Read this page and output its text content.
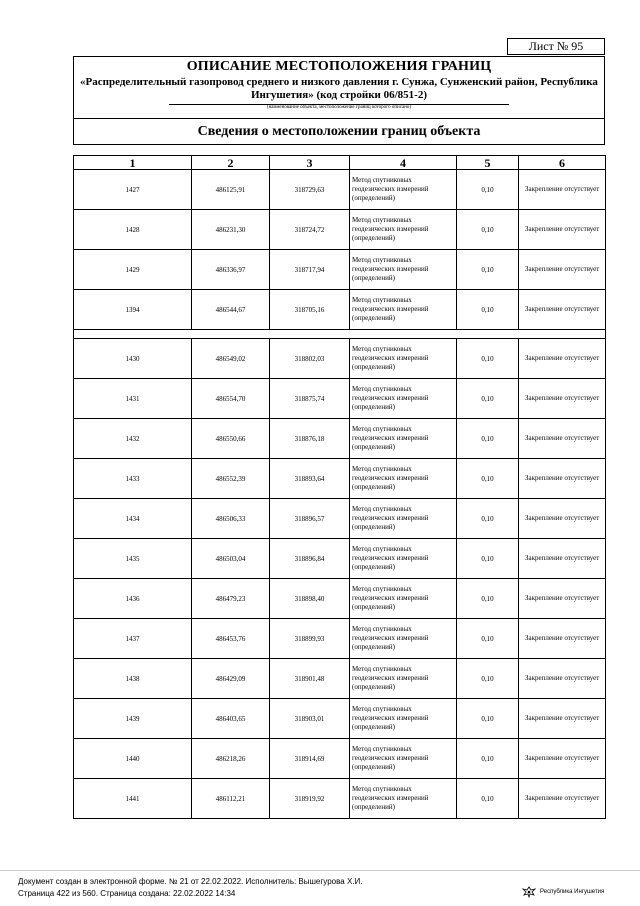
Лист № 95
ОПИСАНИЕ МЕСТОПОЛОЖЕНИЯ ГРАНИЦ
«Распределительный газопровод среднего и низкого давления г. Сунжа, Сунженский район, Республика Ингушетия» (код стройки 06/851-2)
(наименование объекта, местоположение границ которого описано)
Сведения о местоположении границ объекта
1	2	3	4	5	6
1427	486125,91	318729,63	Метод спутниковых геодезических измерений (определений)	0,10	Закрепление отсутствует
1428	486231,30	318724,72	Метод спутниковых геодезических измерений (определений)	0,10	Закрепление отсутствует
1429	486336,97	318717,94	Метод спутниковых геодезических измерений (определений)	0,10	Закрепление отсутствует
1394	486544,67	318705,16	Метод спутниковых геодезических измерений (определений)	0,10	Закрепление отсутствует

1430	486549,02	318802,03	Метод спутниковых геодезических измерений (определений)	0,10	Закрепление отсутствует
1431	486554,70	318875,74	Метод спутниковых геодезических измерений (определений)	0,10	Закрепление отсутствует
1432	486550,66	318876,18	Метод спутниковых геодезических измерений (определений)	0,10	Закрепление отсутствует
1433	486552,39	318893,64	Метод спутниковых геодезических измерений (определений)	0,10	Закрепление отсутствует
1434	486506,33	318896,57	Метод спутниковых геодезических измерений (определений)	0,10	Закрепление отсутствует
1435	486503,04	318896,84	Метод спутниковых геодезических измерений (определений)	0,10	Закрепление отсутствует
1436	486479,23	318898,40	Метод спутниковых геодезических измерений (определений)	0,10	Закрепление отсутствует
1437	486453,76	318899,93	Метод спутниковых геодезических измерений (определений)	0,10	Закрепление отсутствует
1438	486429,09	318901,48	Метод спутниковых геодезических измерений (определений)	0,10	Закрепление отсутствует
1439	486403,65	318903,01	Метод спутниковых геодезических измерений (определений)	0,10	Закрепление отсутствует
1440	486218,26	318914,69	Метод спутниковых геодезических измерений (определений)	0,10	Закрепление отсутствует
1441	486112,21	318919,92	Метод спутниковых геодезических измерений (определений)	0,10	Закрепление отсутствует
Документ создан в электронной форме. № 21 от 22.02.2022. Исполнитель: Вышегурова Х.И.
Страница 422 из 560. Страница создана: 22.02.2022 14:34	Республика Ингушетия
